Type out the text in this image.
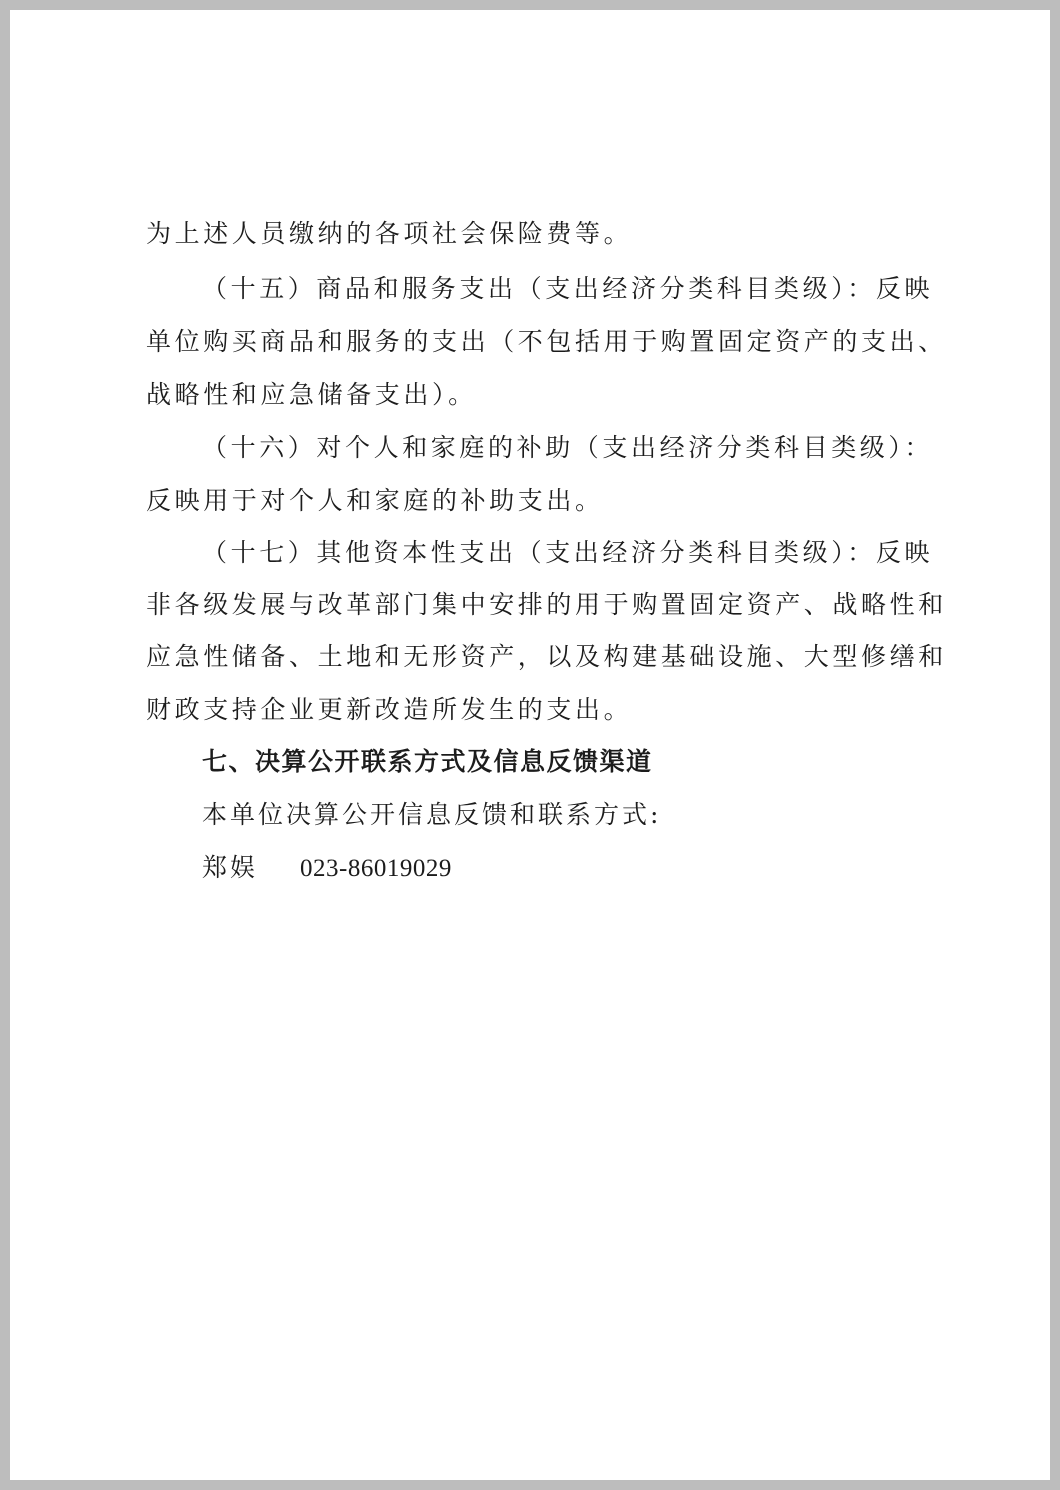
为上述人员缴纳的各项社会保险费等。

（十五）商品和服务支出（支出经济分类科目类级）：反映

单位购买商品和服务的支出（不包括用于购置固定资产的支出、

战略性和应急储备支出）。

（十六）对个人和家庭的补助（支出经济分类科目类级）：

反映用于对个人和家庭的补助支出。

（十七）其他资本性支出（支出经济分类科目类级）：反映

非各级发展与改革部门集中安排的用于购置固定资产、战略性和

应急性储备、土地和无形资产，以及构建基础设施、大型修缮和

财政支持企业更新改造所发生的支出。

七、决算公开联系方式及信息反馈渠道

本单位决算公开信息反馈和联系方式:

郑娱 023-86019029
